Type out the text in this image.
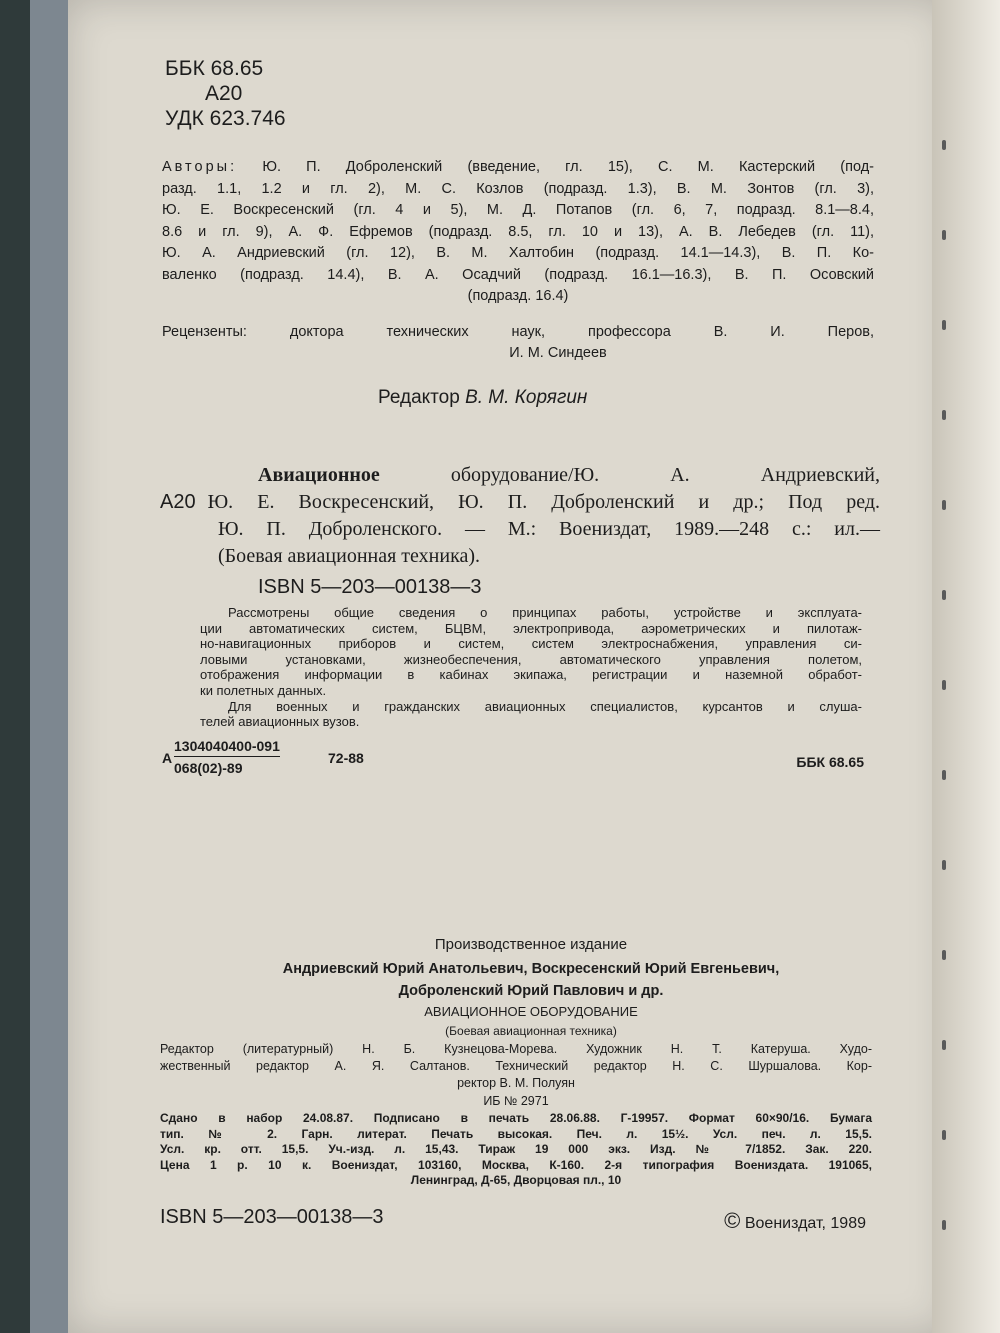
ББК 68.65
А20
УДК 623.746
Авторы: Ю. П. Доброленский (введение, гл. 15), С. М. Кастерский (под-
разд. 1.1, 1.2 и гл. 2), М. С. Козлов (подразд. 1.3), В. М. Зонтов (гл. 3),
Ю. Е. Воскресенский (гл. 4 и 5), М. Д. Потапов (гл. 6, 7, подразд. 8.1—8.4,
8.6 и гл. 9), А. Ф. Ефремов (подразд. 8.5, гл. 10 и 13), А. В. Лебедев (гл. 11),
Ю. А. Андриевский (гл. 12), В. М. Халтобин (подразд. 14.1—14.3), В. П. Ко-
валенко (подразд. 14.4), В. А. Осадчий (подразд. 16.1—16.3), В. П. Осовский
(подразд. 16.4)
Рецензенты:	доктора технических наук, профессора В. И. Перов,
И. М. Синдеев
Редактор В. М. Корягин
Авиационное	оборудование/Ю. А. Андриевский,
А20 Ю. Е. Воскресенский, Ю. П. Доброленский и др.; Под ред.
Ю. П. Доброленского. — М.: Воениздат, 1989.—248 с.: ил.—
(Боевая авиационная техника).
ISBN 5—203—00138—3
Рассмотрены общие сведения о принципах работы, устройстве и эксплуата-
ции автоматических систем, БЦВМ, электропривода, аэрометрических и пилотаж-
но-навигационных приборов и систем, систем электроснабжения, управления си-
ловыми установками, жизнеобеспечения, автоматического управления полетом,
отображения информации в кабинах экипажа, регистрации и наземной обработ-
ки полетных данных.
Для военных и гражданских авиационных специалистов, курсантов и слуша-
телей авиационных вузов.
А
1304040400-091
068(02)-89
72-88	ББК 68.65
Производственное издание
Андриевский Юрий Анатольевич, Воскресенский Юрий Евгеньевич,
Доброленский Юрий Павлович и др.
АВИАЦИОННОЕ ОБОРУДОВАНИЕ
(Боевая авиационная техника)
Редактор (литературный) Н. Б. Кузнецова-Морева. Художник Н. Т. Катеруша. Худо-
жественный редактор А. Я. Салтанов. Технический редактор Н. С. Шуршалова. Кор-
ректор В. М. Полуян
ИБ № 2971
Сдано в набор 24.08.87. Подписано в печать 28.06.88. Г-19957. Формат 60×90/16. Бумага
тип. № 2. Гарн. литерат. Печать высокая. Печ. л. 15½. Усл. печ. л. 15,5.
Усл. кр. отт. 15,5. Уч.-изд. л. 15,43. Тираж 19 000 экз. Изд. № 7/1852. Зак. 220.
Цена 1 р. 10 к. Воениздат, 103160, Москва, К-160. 2-я типография Воениздата. 191065,
Ленинград, Д-65, Дворцовая пл., 10
ISBN 5—203—00138—3	© Воениздат, 1989
